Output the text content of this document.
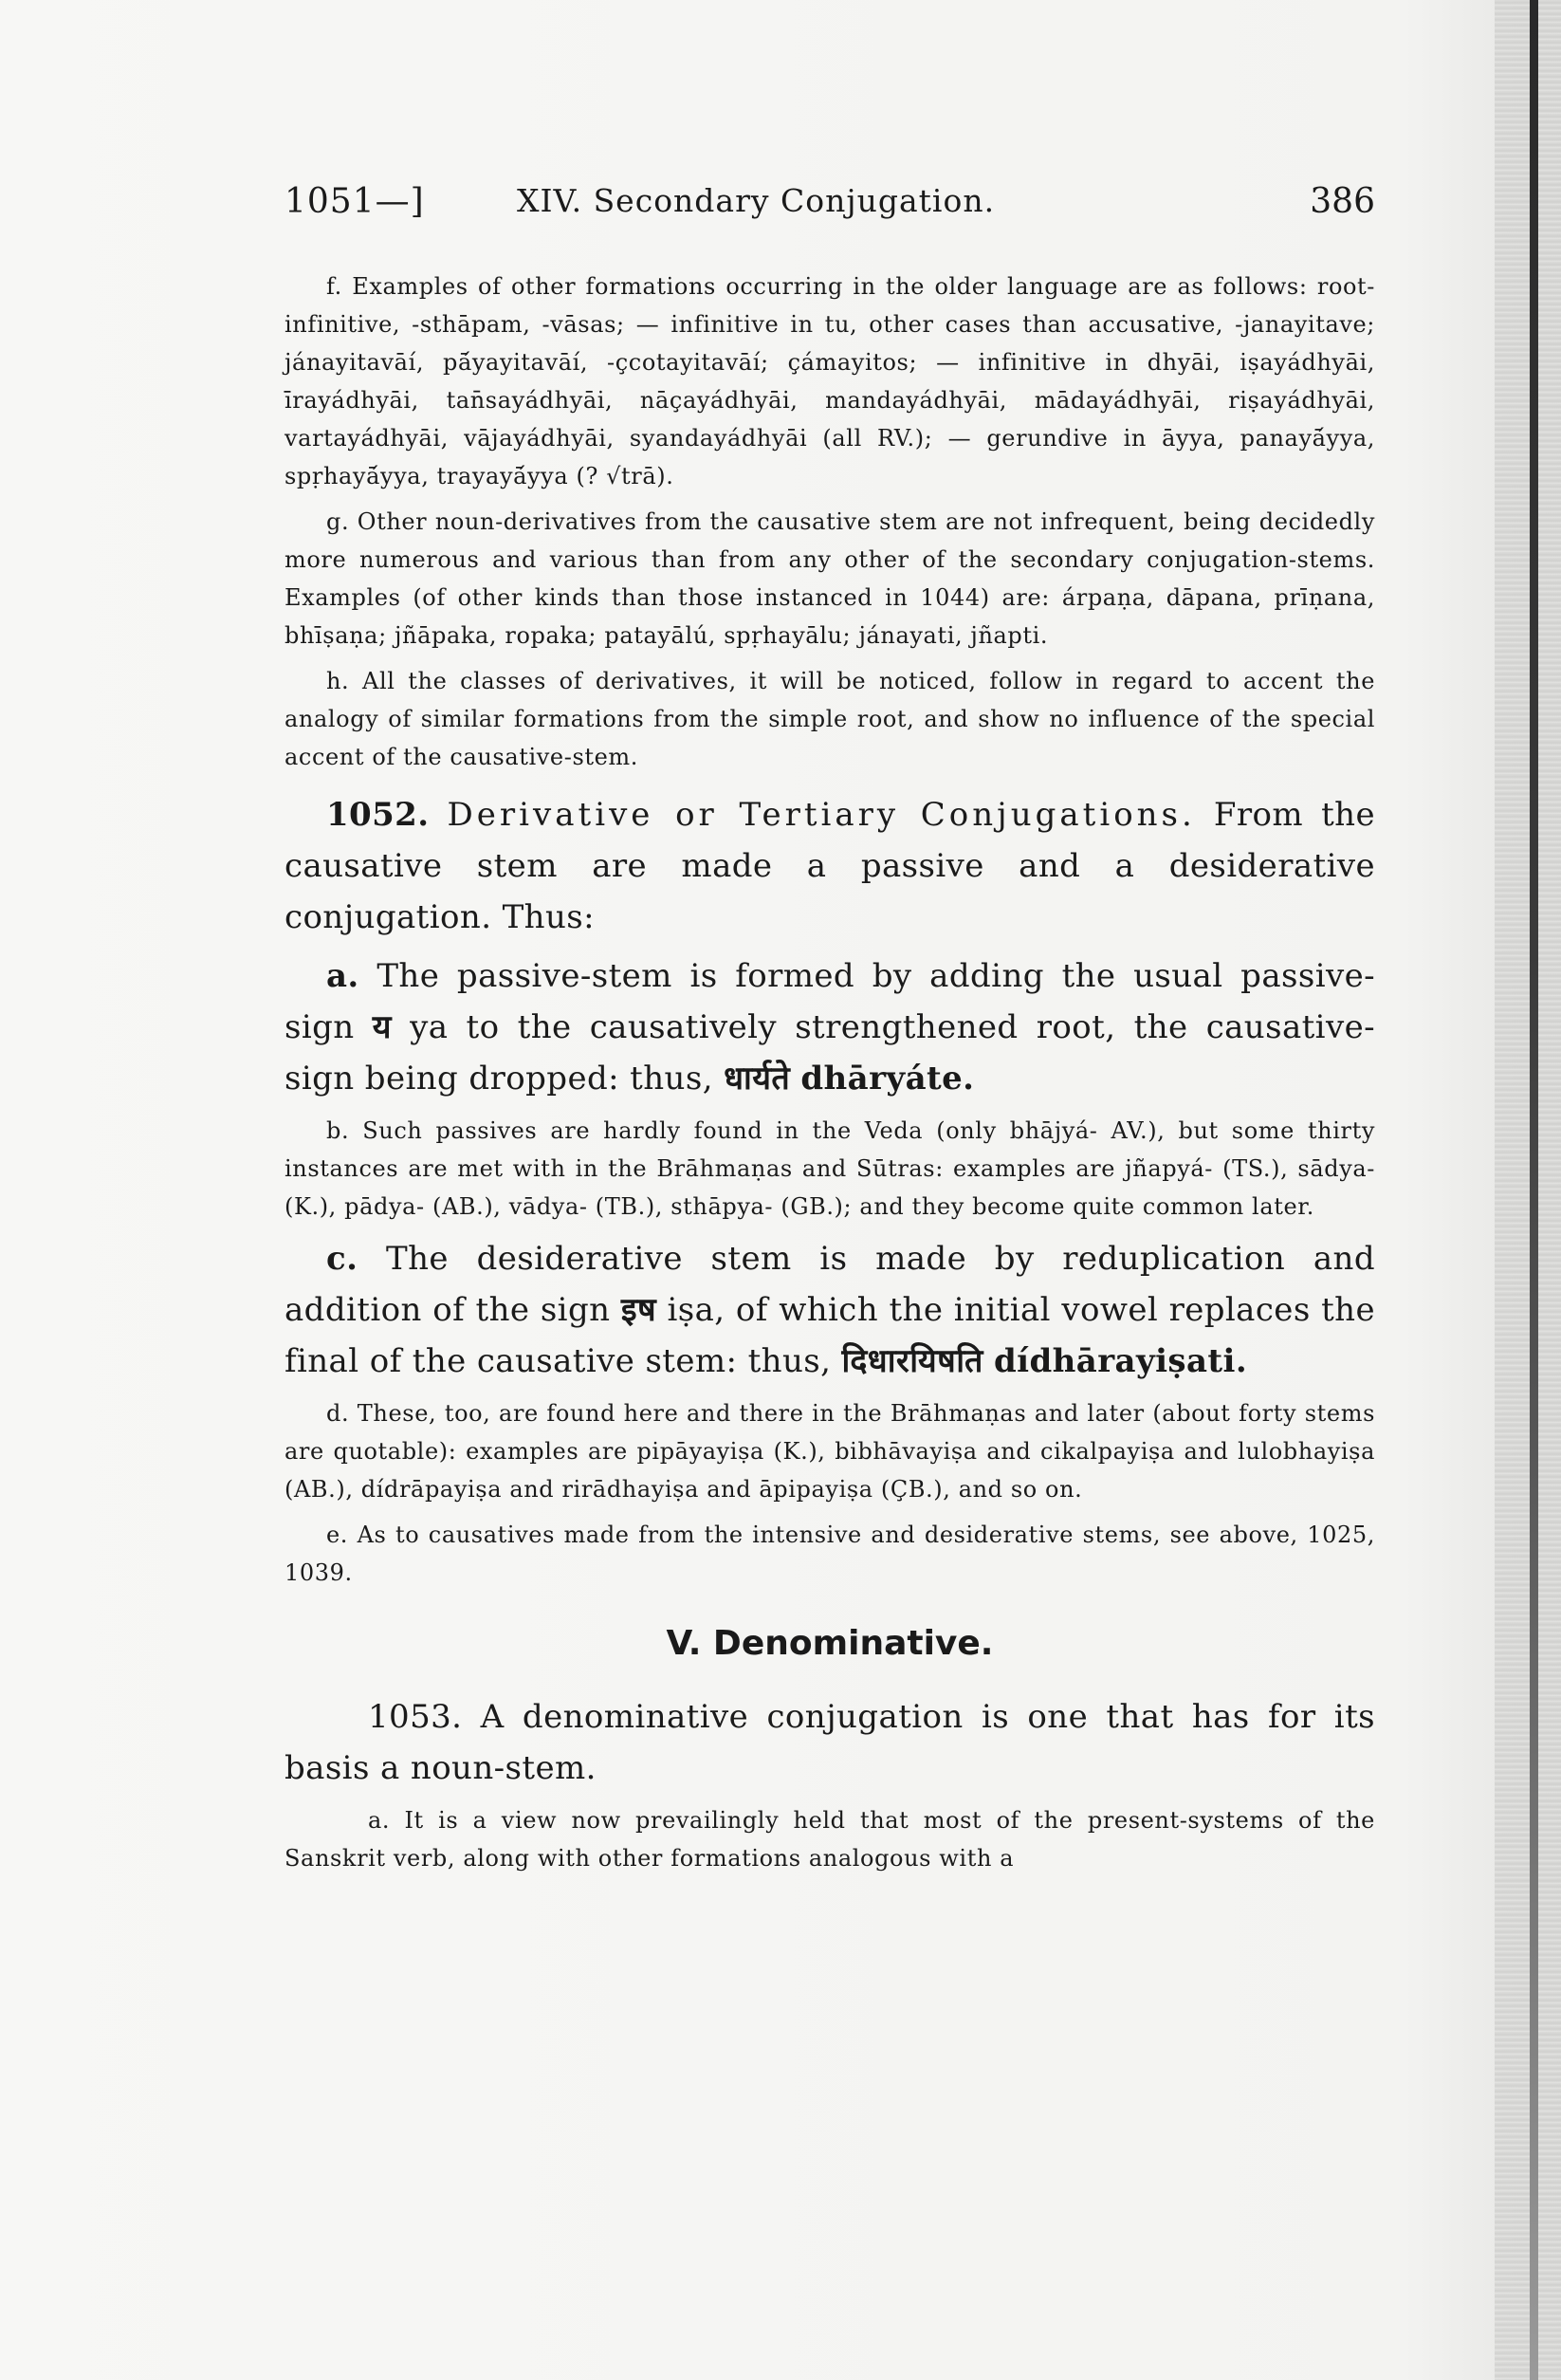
1051—]	XIV. Secondary Conjugation.	386

f. Examples of other formations occurring in the older language are as follows: root-infinitive, -sthāpam, -vāsas; — infinitive in tu, other cases than accusative, -janayitave; jánayitavāí, pā́yayitavāí, -çcotayitavāí; çámayitos; — infinitive in dhyāi, iṣayádhyāi, īrayádhyāi, tan̄sayádhyāi, nāçayádhyāi, mandayádhyāi, mādayádhyāi, riṣayádhyāi, vartayádhyāi, vājayádhyāi, syandayádhyāi (all RV.); — gerundive in āyya, panayā́yya, spṛhayā́yya, trayayā́yya (? √trā).

g. Other noun-derivatives from the causative stem are not infrequent, being decidedly more numerous and various than from any other of the secondary conjugation-stems. Examples (of other kinds than those instanced in 1044) are: árpaṇa, dāpana, prīṇana, bhīṣaṇa; jñāpaka, ropaka; patayālú, spṛhayālu; jánayati, jñapti.

h. All the classes of derivatives, it will be noticed, follow in regard to accent the analogy of similar formations from the simple root, and show no influence of the special accent of the causative-stem.

1052. Derivative or Tertiary Conjugations. From the causative stem are made a passive and a desiderative conjugation. Thus:

a. The passive-stem is formed by adding the usual passive-sign य ya to the causatively strengthened root, the causative-sign being dropped: thus, धार्यते dhāryáte.

b. Such passives are hardly found in the Veda (only bhājyá- AV.), but some thirty instances are met with in the Brāhmaṇas and Sūtras: examples are jñapyá- (TS.), sādya- (K.), pādya- (AB.), vādya- (TB.), sthāpya- (GB.); and they become quite common later.

c. The desiderative stem is made by reduplication and addition of the sign इष iṣa, of which the initial vowel replaces the final of the causative stem: thus, दिधारयिषति dídhārayiṣati.

d. These, too, are found here and there in the Brāhmaṇas and later (about forty stems are quotable): examples are pipāyayiṣa (K.), bibhāvayiṣa and cikalpayiṣa and lulobhayiṣa (AB.), dídrāpayiṣa and rirādhayiṣa and āpipayiṣa (ÇB.), and so on.

e. As to causatives made from the intensive and desiderative stems, see above, 1025, 1039.

V. Denominative.

1053. A denominative conjugation is one that has for its basis a noun-stem.

a. It is a view now prevailingly held that most of the present-systems of the Sanskrit verb, along with other formations analogous with a
